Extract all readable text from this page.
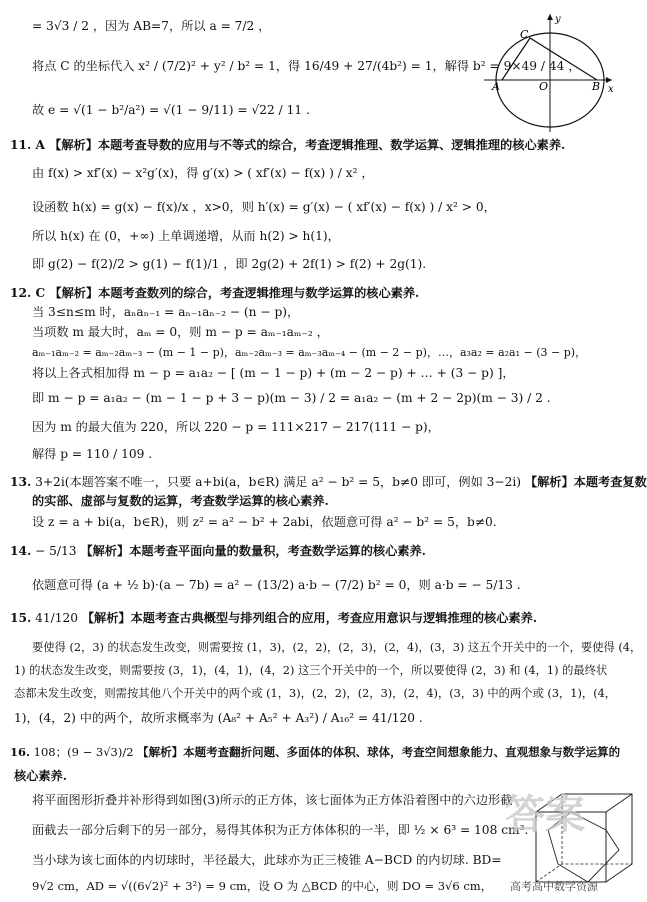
y
x
C
A	O	B
= 3√3 / 2 ，因为 AB=7，所以 a = 7/2 ，
将点 C 的坐标代入 x² / (7/2)² + y² / b² = 1，得 16/49 + 27/(4b²) = 1，解得 b² = 9×49 / 44 ，
故 e = √(1 − b²/a²) = √(1 − 9/11) = √22 / 11 .
11. A 【解析】本题考查导数的应用与不等式的综合，考查逻辑推理、数学运算、逻辑推理的核心素养.
由 f(x) > xf′(x) − x²g′(x)，得 g′(x) > ( xf′(x) − f(x) ) / x² ，
设函数 h(x) = g(x) − f(x)/x ，x>0，则 h′(x) = g′(x) − ( xf′(x) − f(x) ) / x² > 0，
所以 h(x) 在 (0，+∞) 上单调递增，从而 h(2) > h(1)，
即 g(2) − f(2)/2 > g(1) − f(1)/1 ，即 2g(2) + 2f(1) > f(2) + 2g(1).
12. C 【解析】本题考查数列的综合，考查逻辑推理与数学运算的核心素养.
当 3≤n≤m 时，aₙaₙ₋₁ = aₙ₋₁aₙ₋₂ − (n − p)，
当项数 m 最大时，aₘ = 0，则 m − p = aₘ₋₁aₘ₋₂ ，
aₘ₋₁aₘ₋₂ = aₘ₋₂aₘ₋₃ − (m − 1 − p)，aₘ₋₂aₘ₋₃ = aₘ₋₃aₘ₋₄ − (m − 2 − p)，…，a₃a₂ = a₂a₁ − (3 − p)，
将以上各式相加得 m − p = a₁a₂ − [ (m − 1 − p) + (m − 2 − p) + … + (3 − p) ]，
即 m − p = a₁a₂ − (m − 1 − p + 3 − p)(m − 3) / 2 = a₁a₂ − (m + 2 − 2p)(m − 3) / 2 .
因为 m 的最大值为 220，所以 220 − p = 111×217 − 217(111 − p)，
解得 p = 110 / 109 .
13. 3+2i(本题答案不唯一，只要 a+bi(a，b∈R) 满足 a² − b² = 5，b≠0 即可，例如 3−2i) 【解析】本题考查复数
的实部、虚部与复数的运算，考查数学运算的核心素养.
设 z = a + bi(a，b∈R)，则 z² = a² − b² + 2abi，依题意可得 a² − b² = 5，b≠0.
14. − 5/13 【解析】本题考查平面向量的数量积，考查数学运算的核心素养.
依题意可得 (a + ½ b)·(a − 7b) = a² − (13/2) a·b − (7/2) b² = 0，则 a·b = − 5/13 .
15. 41/120 【解析】本题考查古典概型与排列组合的应用，考查应用意识与逻辑推理的核心素养.
要使得 (2，3) 的状态发生改变，则需要按 (1，3)，(2，2)，(2，3)，(2，4)，(3，3) 这五个开关中的一个，要使得 (4，
1) 的状态发生改变，则需要按 (3，1)，(4，1)，(4，2) 这三个开关中的一个，所以要使得 (2，3) 和 (4，1) 的最终状
态都未发生改变，则需按其他八个开关中的两个或 (1，3)，(2，2)，(2，3)，(2，4)，(3，3) 中的两个或 (3，1)，(4，
1)，(4，2) 中的两个，故所求概率为 (A₈² + A₅² + A₃²) / A₁₆² = 41/120 .
16. 108；(9 − 3√3)/2 【解析】本题考查翻折问题、多面体的体积、球体，考查空间想象能力、直观想象与数学运算的
核心素养.
将平面图形折叠并补形得到如图(3)所示的正方体，该七面体为正方体沿着图中的六边形截
面截去一部分后剩下的另一部分，易得其体积为正方体体积的一半，即 ½ × 6³ = 108 cm³.
当小球为该七面体的内切球时，半径最大，此球亦为正三棱锥 A−BCD 的内切球. BD=
9√2 cm，AD = √((6√2)² + 3²) = 9 cm，设 O 为 △BCD 的中心，则 DO = 3√6 cm，
答案
高考高中数学资源
